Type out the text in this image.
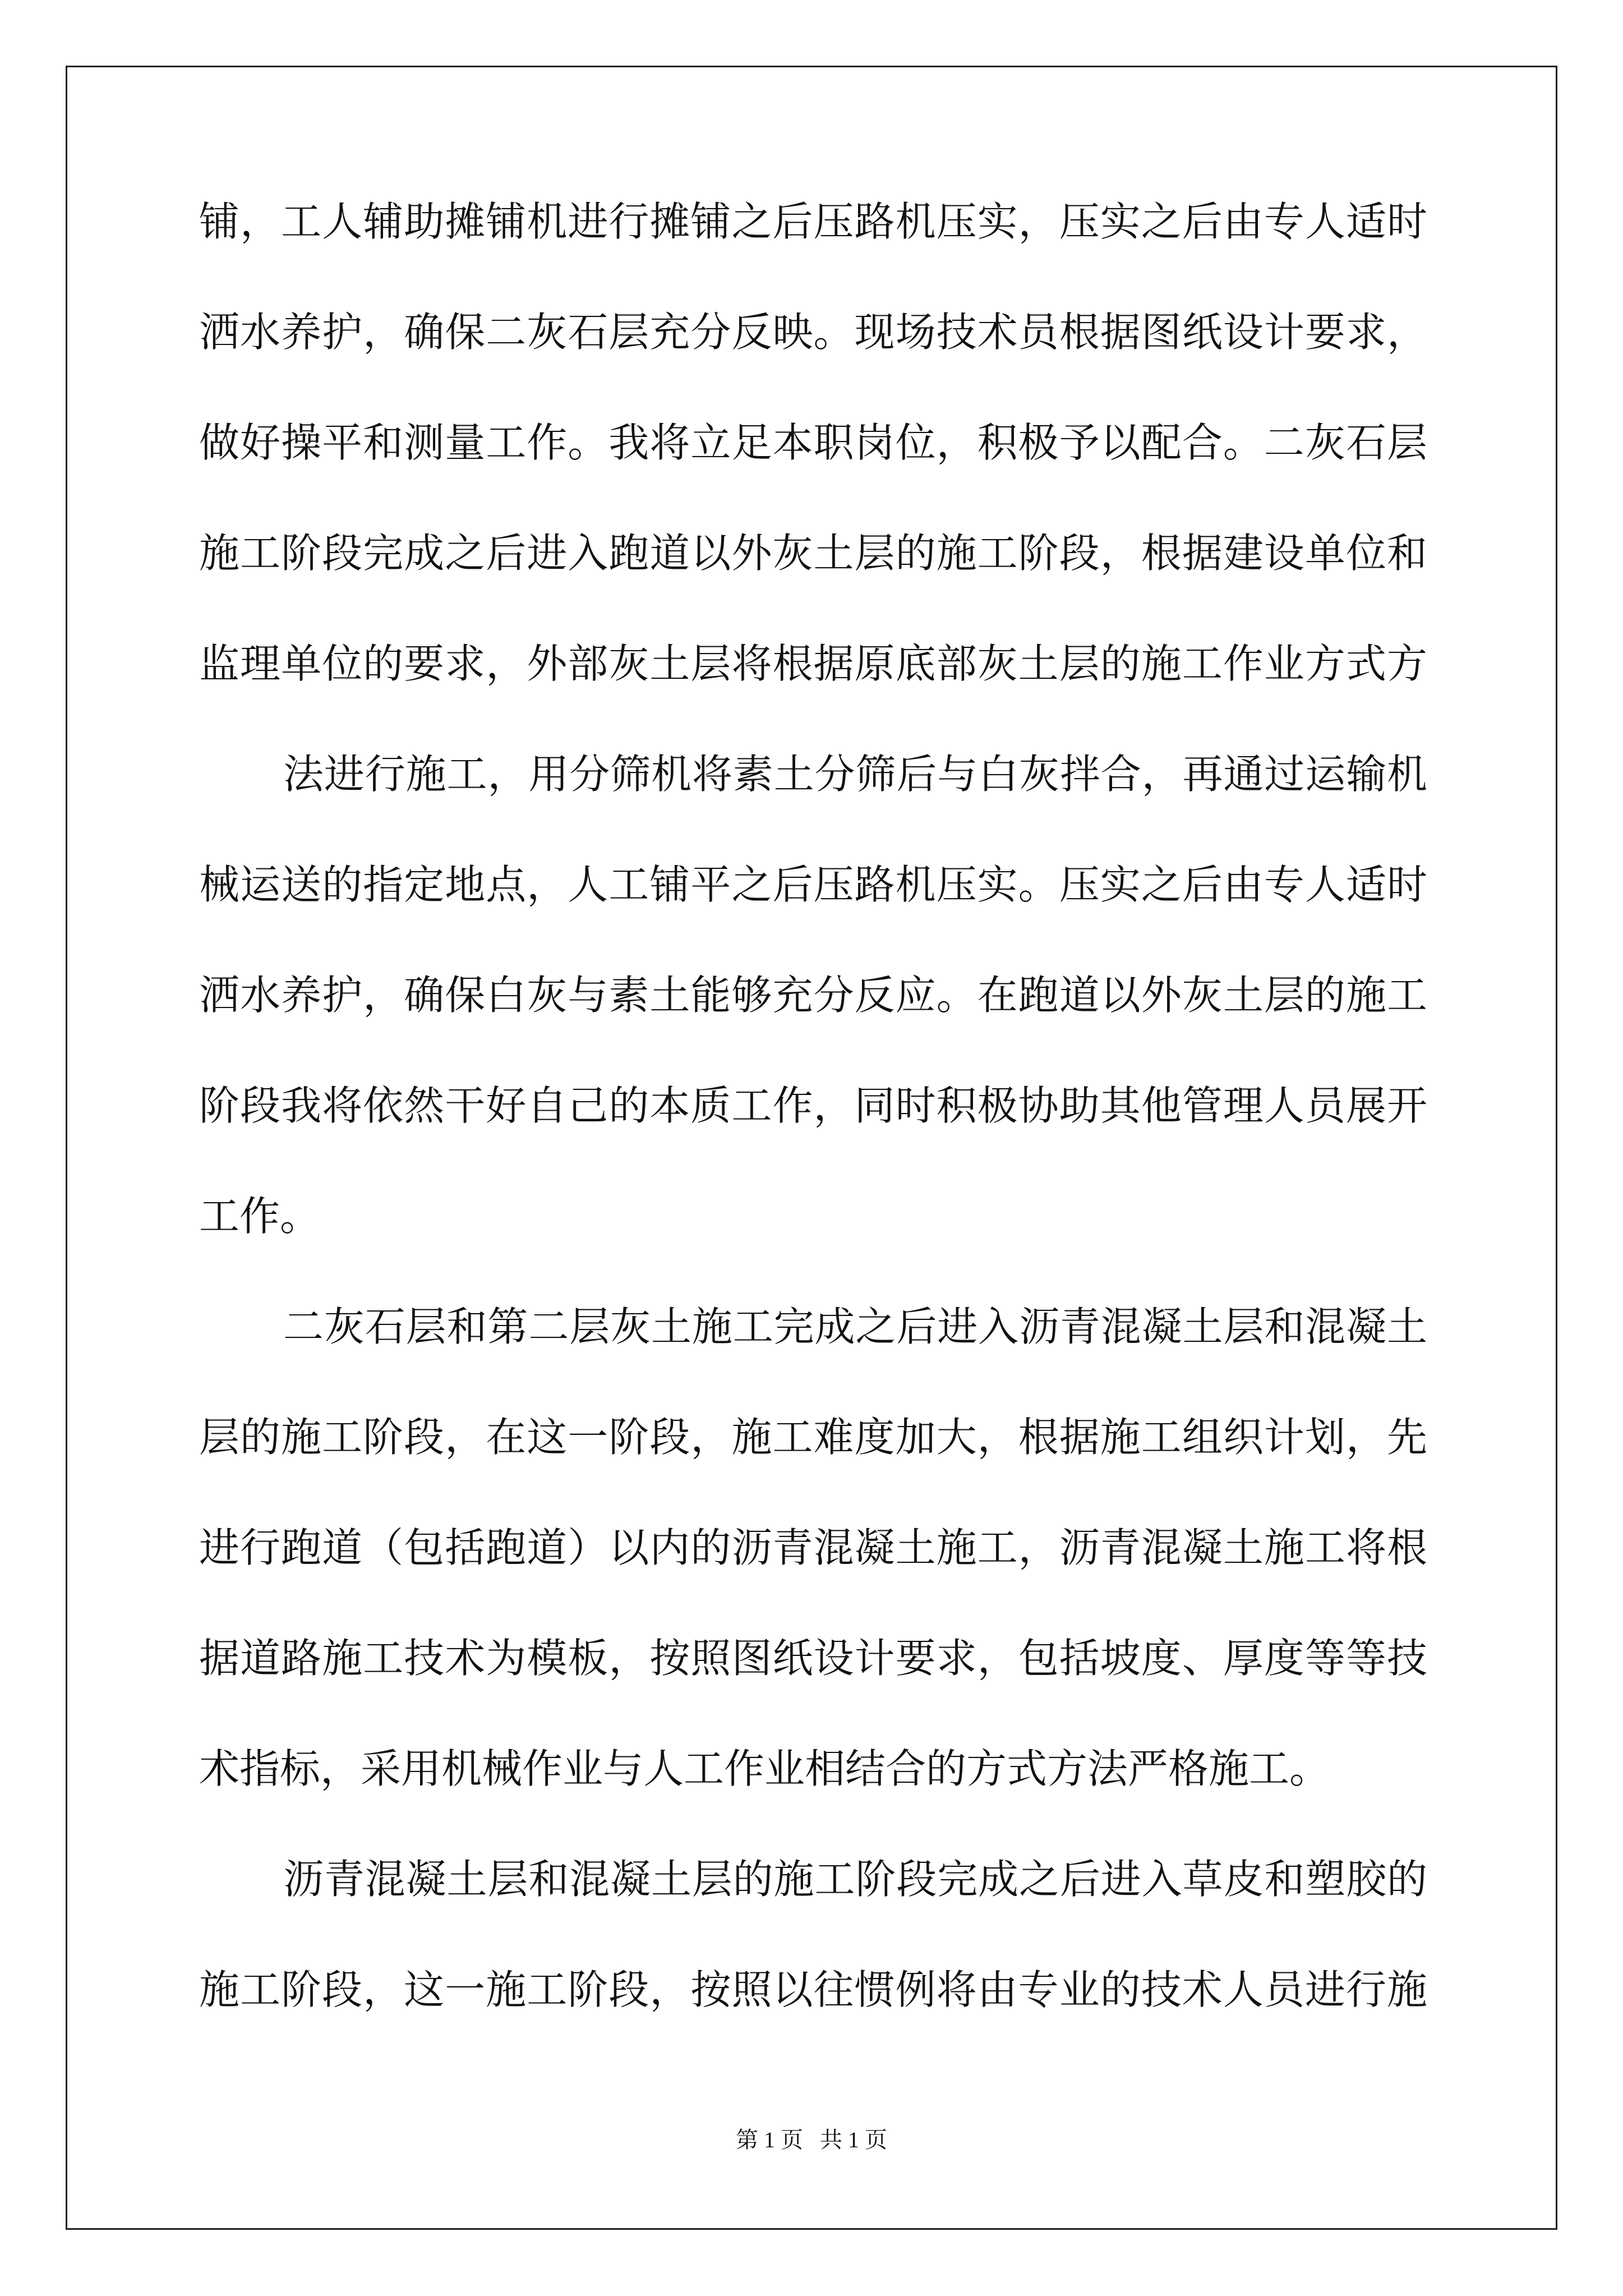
铺，工人辅助摊铺机进行摊铺之后压路机压实，压实之后由专人适时
洒水养护，确保二灰石层充分反映。现场技术员根据图纸设计要求，
做好操平和测量工作。我将立足本职岗位，积极予以配合。二灰石层
施工阶段完成之后进入跑道以外灰土层的施工阶段，根据建设单位和
监理单位的要求，外部灰土层将根据原底部灰土层的施工作业方式方
法进行施工，用分筛机将素土分筛后与白灰拌合，再通过运输机
械运送的指定地点，人工铺平之后压路机压实。压实之后由专人适时
洒水养护，确保白灰与素土能够充分反应。在跑道以外灰土层的施工
阶段我将依然干好自己的本质工作，同时积极协助其他管理人员展开
工作。
二灰石层和第二层灰土施工完成之后进入沥青混凝土层和混凝土
层的施工阶段，在这一阶段，施工难度加大，根据施工组织计划，先
进行跑道（包括跑道）以内的沥青混凝土施工，沥青混凝土施工将根
据道路施工技术为模板，按照图纸设计要求，包括坡度、厚度等等技
术指标，采用机械作业与人工作业相结合的方式方法严格施工。
沥青混凝土层和混凝土层的施工阶段完成之后进入草皮和塑胶的
施工阶段，这一施工阶段，按照以往惯例将由专业的技术人员进行施
第 1 页   共 1 页
